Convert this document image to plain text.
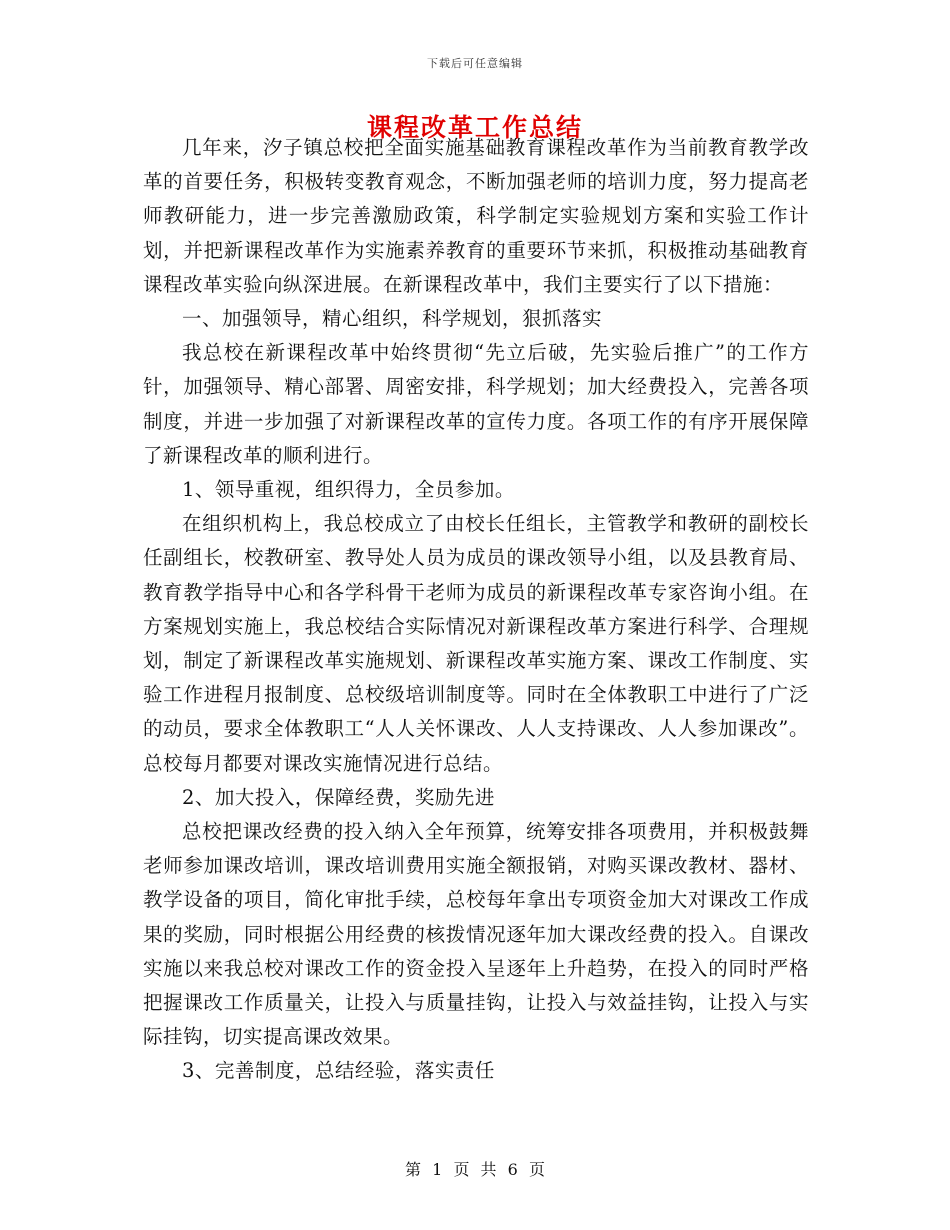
下载后可任意编辑
课程改革工作总结

几年来，汐子镇总校把全面实施基础教育课程改革作为当前教育教学改革的首要任务，积极转变教育观念，不断加强老师的培训力度，努力提高老师教研能力，进一步完善激励政策，科学制定实验规划方案和实验工作计划，并把新课程改革作为实施素养教育的重要环节来抓，积极推动基础教育课程改革实验向纵深进展。在新课程改革中，我们主要实行了以下措施：

一、加强领导，精心组织，科学规划，狠抓落实

我总校在新课程改革中始终贯彻“先立后破，先实验后推广”的工作方针，加强领导、精心部署、周密安排，科学规划；加大经费投入，完善各项制度，并进一步加强了对新课程改革的宣传力度。各项工作的有序开展保障了新课程改革的顺利进行。

1、领导重视，组织得力，全员参加。

在组织机构上，我总校成立了由校长任组长，主管教学和教研的副校长任副组长，校教研室、教导处人员为成员的课改领导小组，以及县教育局、教育教学指导中心和各学科骨干老师为成员的新课程改革专家咨询小组。在方案规划实施上，我总校结合实际情况对新课程改革方案进行科学、合理规划，制定了新课程改革实施规划、新课程改革实施方案、课改工作制度、实验工作进程月报制度、总校级培训制度等。同时在全体教职工中进行了广泛的动员，要求全体教职工“人人关怀课改、人人支持课改、人人参加课改”。总校每月都要对课改实施情况进行总结。

2、加大投入，保障经费，奖励先进

总校把课改经费的投入纳入全年预算，统筹安排各项费用，并积极鼓舞老师参加课改培训，课改培训费用实施全额报销，对购买课改教材、器材、教学设备的项目，简化审批手续，总校每年拿出专项资金加大对课改工作成果的奖励，同时根据公用经费的核拨情况逐年加大课改经费的投入。自课改实施以来我总校对课改工作的资金投入呈逐年上升趋势，在投入的同时严格把握课改工作质量关，让投入与质量挂钩，让投入与效益挂钩，让投入与实际挂钩，切实提高课改效果。

3、完善制度，总结经验，落实责任

第 1 页 共 6 页
